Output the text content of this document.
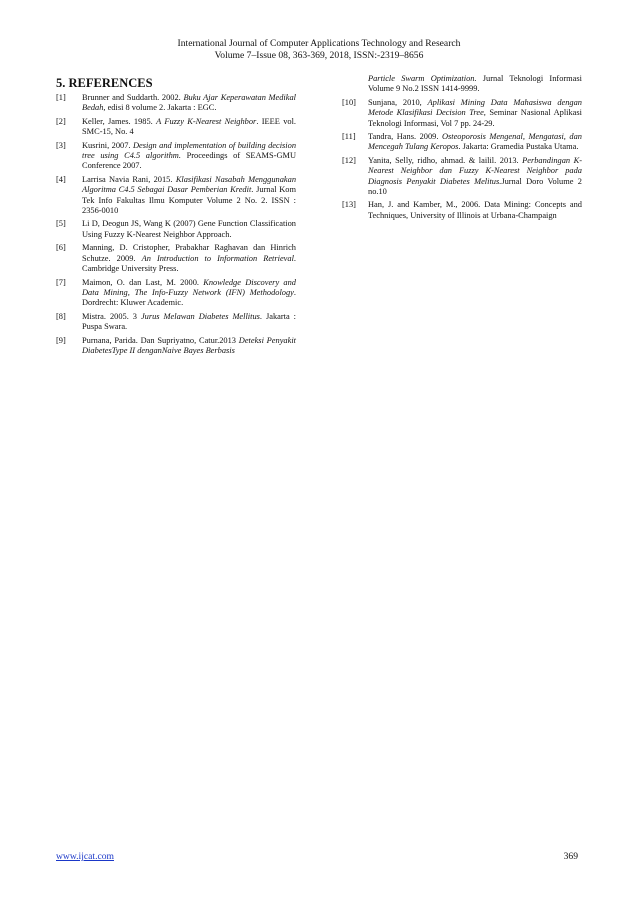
International Journal of Computer Applications Technology and Research
Volume 7–Issue 08, 363-369, 2018, ISSN:-2319–8656
5. REFERENCES
[1]	Brunner and Suddarth. 2002. Buku Ajar Keperawatan Medikal Bedah, edisi 8 volume 2. Jakarta : EGC.
[2]	Keller, James. 1985. A Fuzzy K-Nearest Neighbor. IEEE vol. SMC-15, No. 4
[3]	Kusrini, 2007. Design and implementation of building decision tree using C4.5 algorithm. Proceedings of SEAMS-GMU Conference 2007.
[4]	Larrisa Navia Rani, 2015. Klasifikasi Nasabah Menggunakan Algoritma C4.5 Sebagai Dasar Pemberian Kredit. Jurnal Kom Tek Info Fakultas Ilmu Komputer Volume 2 No. 2. ISSN : 2356-0010
[5]	Li D, Deogun JS, Wang K (2007) Gene Function Classification Using Fuzzy K-Nearest Neighbor Approach.
[6]	Manning, D. Cristopher, Prabakhar Raghavan dan Hinrich Schutze. 2009. An Introduction to Information Retrieval. Cambridge University Press.
[7]	Maimon, O. dan Last, M. 2000. Knowledge Discovery and Data Mining, The Info-Fuzzy Network (IFN) Methodology. Dordrecht: Kluwer Academic.
[8]	Mistra. 2005. 3 Jurus Melawan Diabetes Mellitus. Jakarta : Puspa Swara.
[9]	Purnana, Parida. Dan Supriyatno, Catur.2013 Deteksi Penyakit DiabetesType II denganNaive Bayes Berbasis
Particle Swarm Optimization. Jurnal Teknologi Informasi Volume 9 No.2 ISSN 1414-9999.
[10]	Sunjana, 2010, Aplikasi Mining Data Mahasiswa dengan Metode Klasifikasi Decision Tree, Seminar Nasional Aplikasi Teknologi Informasi, Vol 7 pp. 24-29.
[11]	Tandra, Hans. 2009. Osteoporosis Mengenal, Mengatasi, dan Mencegah Tulang Keropos. Jakarta: Gramedia Pustaka Utama.
[12]	Yanita, Selly, ridho, ahmad. & lailil. 2013. Perbandingan K-Nearest Neighbor dan Fuzzy K-Nearest Neighbor pada Diagnosis Penyakit Diabetes Melitus.Jurnal Doro Volume 2 no.10
[13]	Han, J. and Kamber, M., 2006. Data Mining: Concepts and Techniques, University of Illinois at Urbana-Champaign
www.ijcat.com	369
